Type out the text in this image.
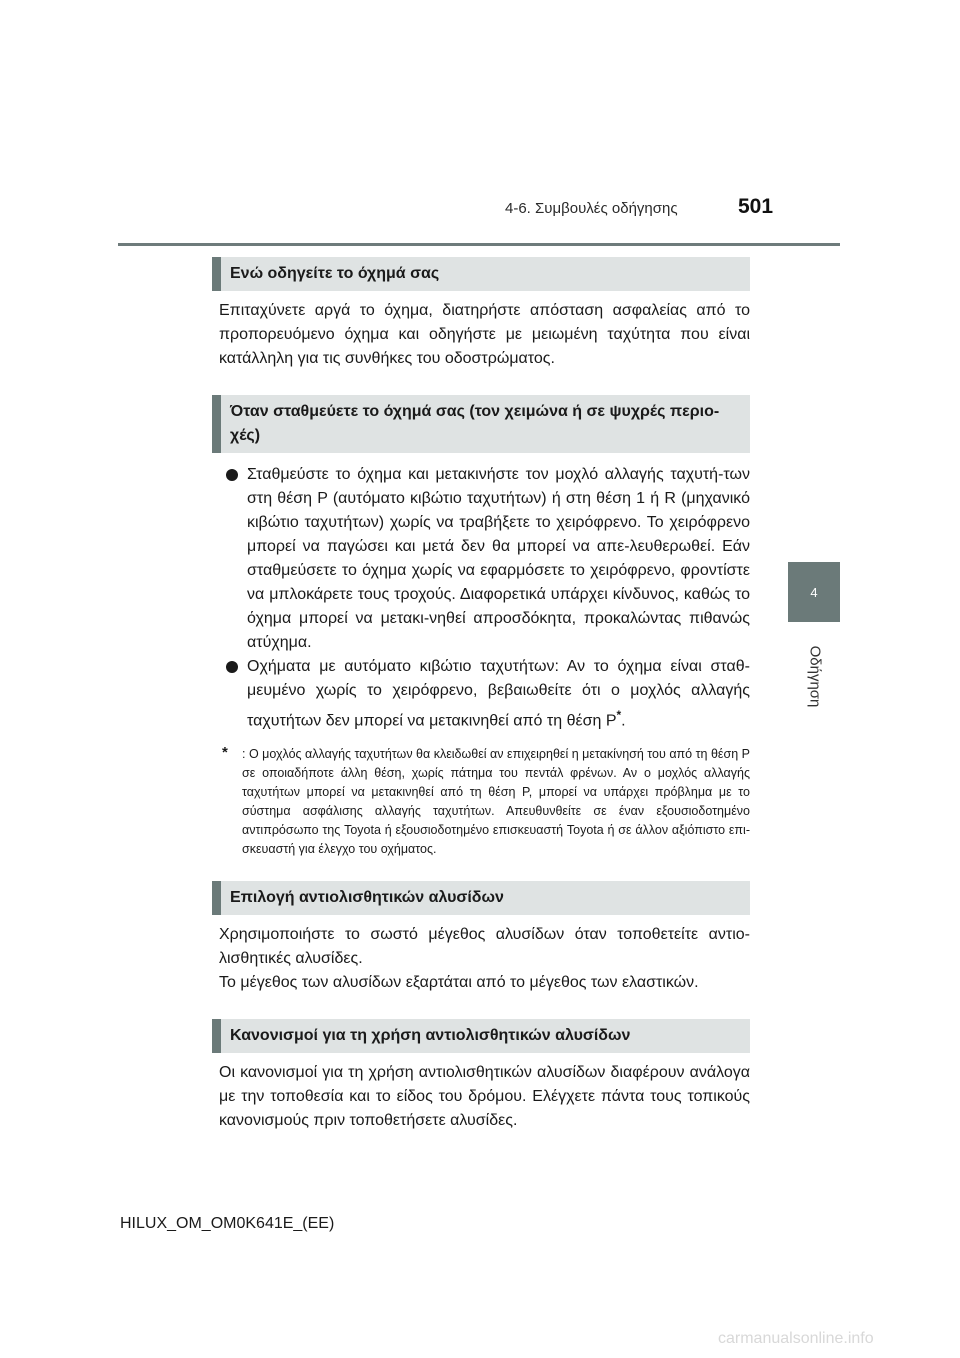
4-6. Συμβουλές οδήγησης	501
4
Οδήγηση
Ενώ οδηγείτε το όχημά σας

Επιταχύνετε αργά το όχημα, διατηρήστε απόσταση ασφαλείας από το προπορευόμενο όχημα και οδηγήστε με μειωμένη ταχύτητα που είναι κατάλληλη για τις συνθήκες του οδοστρώματος.

Όταν σταθμεύετε το όχημά σας (τον χειμώνα ή σε ψυχρές περιο-χές)
Σταθμεύστε το όχημα και μετακινήστε τον μοχλό αλλαγής ταχυτή-των στη θέση P (αυτόματο κιβώτιο ταχυτήτων) ή στη θέση 1 ή R (μηχανικό κιβώτιο ταχυτήτων) χωρίς να τραβήξετε το χειρόφρενο. Το χειρόφρενο μπορεί να παγώσει και μετά δεν θα μπορεί να απε-λευθερωθεί. Εάν σταθμεύσετε το όχημα χωρίς να εφαρμόσετε το χειρόφρενο, φροντίστε να μπλοκάρετε τους τροχούς. Διαφορετικά υπάρχει κίνδυνος, καθώς το όχημα μπορεί να μετακι-νηθεί απροσδόκητα, προκαλώντας πιθανώς ατύχημα.
Οχήματα με αυτόματο κιβώτιο ταχυτήτων: Αν το όχημα είναι σταθ-μευμένο χωρίς το χειρόφρενο, βεβαιωθείτε ότι ο μοχλός αλλαγής ταχυτήτων δεν μπορεί να μετακινηθεί από τη θέση P*.
* : Ο μοχλός αλλαγής ταχυτήτων θα κλειδωθεί αν επιχειρηθεί η μετακίνησή του από τη θέση P σε οποιαδήποτε άλλη θέση, χωρίς πάτημα του πεντάλ φρένων. Αν ο μοχλός αλλαγής ταχυτήτων μπορεί να μετακινηθεί από τη θέση P, μπορεί να υπάρχει πρόβλημα με το σύστημα ασφάλισης αλλαγής ταχυτήτων. Απευθυνθείτε σε έναν εξουσιοδοτημένο αντιπρόσωπο της Toyota ή εξουσιοδοτημένο επισκευαστή Toyota ή σε άλλον αξιόπιστο επι-σκευαστή για έλεγχο του οχήματος.
Επιλογή αντιολισθητικών αλυσίδων

Χρησιμοποιήστε το σωστό μέγεθος αλυσίδων όταν τοποθετείτε αντιο-λισθητικές αλυσίδες.

Το μέγεθος των αλυσίδων εξαρτάται από το μέγεθος των ελαστικών.

Κανονισμοί για τη χρήση αντιολισθητικών αλυσίδων

Οι κανονισμοί για τη χρήση αντιολισθητικών αλυσίδων διαφέρουν ανάλογα με την τοποθεσία και το είδος του δρόμου. Ελέγχετε πάντα τους τοπικούς κανονισμούς πριν τοποθετήσετε αλυσίδες.

HILUX_OM_OM0K641E_(EE)
carmanualsonline.info
